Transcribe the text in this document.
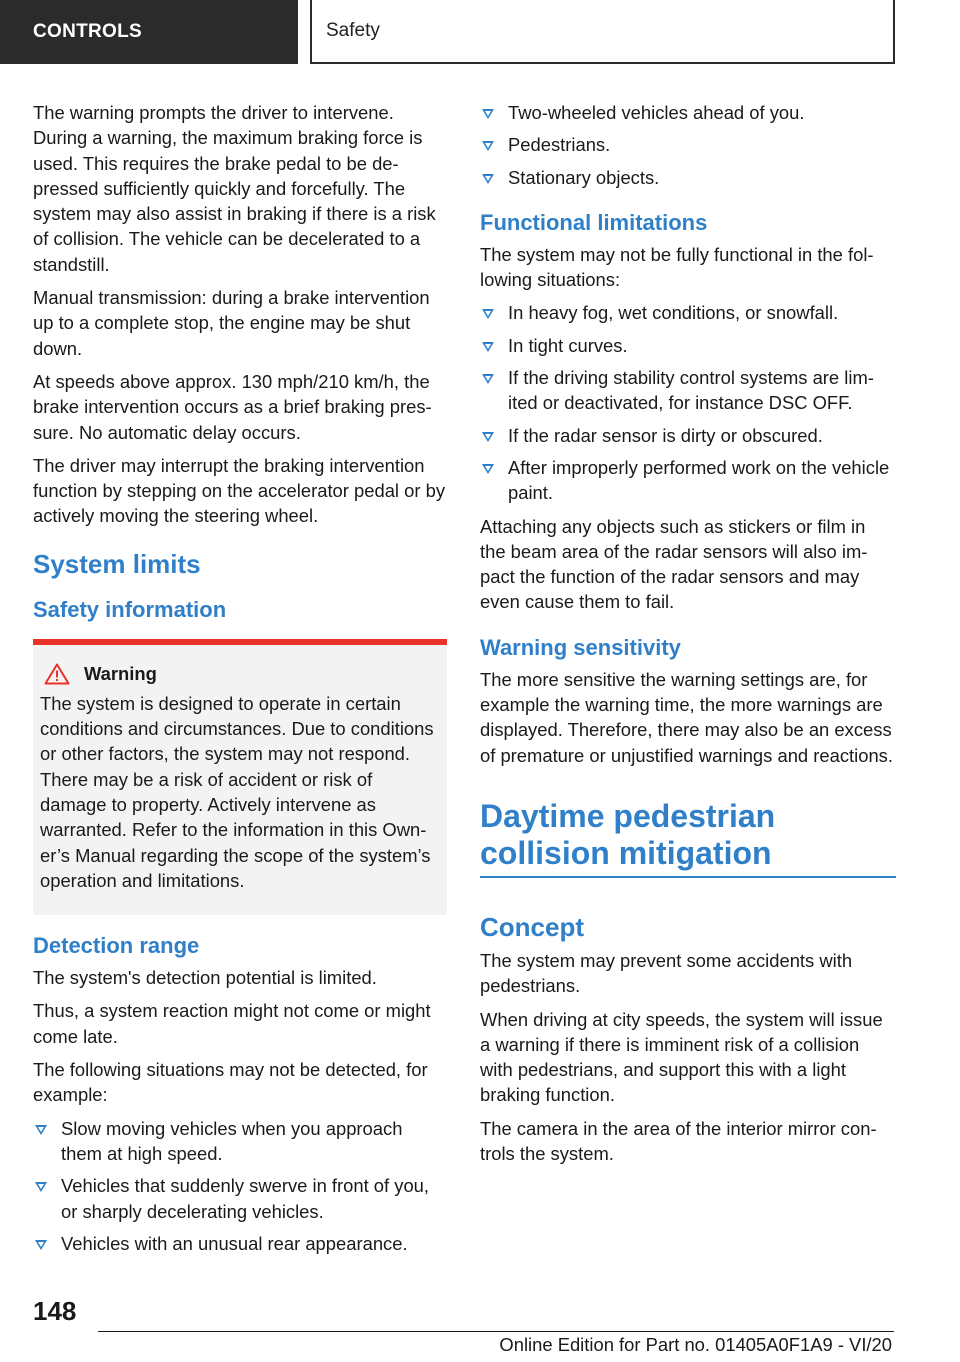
CONTROLS	Safety

The warning prompts the driver to intervene. During a warning, the maximum braking force is used. This requires the brake pedal to be depressed sufficiently quickly and forcefully. The system may also assist in braking if there is a risk of collision. The vehicle can be decelerated to a standstill.

Manual transmission: during a brake intervention up to a complete stop, the engine may be shut down.

At speeds above approx. 130 mph/210 km/h, the brake intervention occurs as a brief braking pressure. No automatic delay occurs.

The driver may interrupt the braking intervention function by stepping on the accelerator pedal or by actively moving the steering wheel.

System limits
Safety information
Warning

The system is designed to operate in certain conditions and circumstances. Due to conditions or other factors, the system may not respond. There may be a risk of accident or risk of damage to property. Actively intervene as warranted. Refer to the information in this Owner’s Manual regarding the scope of the system’s operation and limitations.

Detection range

The system's detection potential is limited.

Thus, a system reaction might not come or might come late.

The following situations may not be detected, for example:

Slow moving vehicles when you approach them at high speed.
Vehicles that suddenly swerve in front of you, or sharply decelerating vehicles.
Vehicles with an unusual rear appearance.
Two-wheeled vehicles ahead of you.
Pedestrians.
Stationary objects.
Functional limitations

The system may not be fully functional in the following situations:

In heavy fog, wet conditions, or snowfall.
In tight curves.
If the driving stability control systems are limited or deactivated, for instance DSC OFF.
If the radar sensor is dirty or obscured.
After improperly performed work on the vehicle paint.

Attaching any objects such as stickers or film in the beam area of the radar sensors will also impact the function of the radar sensors and may even cause them to fail.

Warning sensitivity

The more sensitive the warning settings are, for example the warning time, the more warnings are displayed. Therefore, there may also be an excess of premature or unjustified warnings and reactions.

Daytime pedestrian collision mitigation
Concept

The system may prevent some accidents with pedestrians.

When driving at city speeds, the system will issue a warning if there is imminent risk of a collision with pedestrians, and support this with a light braking function.

The camera in the area of the interior mirror controls the system.

148
Online Edition for Part no. 01405A0F1A9 - VI/20
